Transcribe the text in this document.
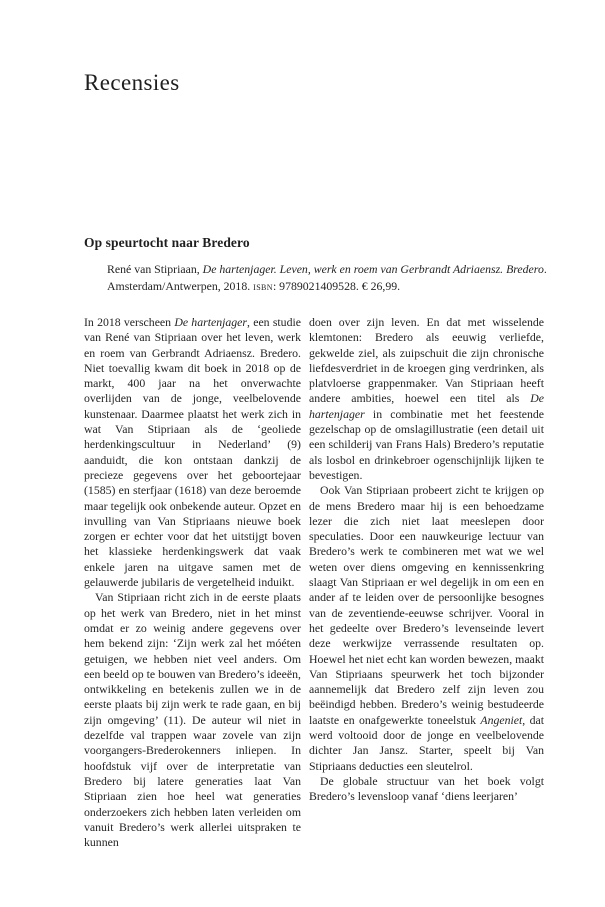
Recensies
Op speurtocht naar Bredero

René van Stipriaan, De hartenjager. Leven, werk en roem van Gerbrandt Adriaensz. Bredero. Amsterdam/Antwerpen, 2018. isbn: 9789021409528. € 26,99.

In 2018 verscheen De hartenjager, een studie van René van Stipriaan over het leven, werk en roem van Gerbrandt Adriaensz. Bredero. Niet toevallig kwam dit boek in 2018 op de markt, 400 jaar na het onverwachte overlijden van de jonge, veelbelovende kunstenaar. Daarmee plaatst het werk zich in wat Van Stipriaan als de ‘geoliede herdenkingscultuur in Nederland’ (9) aanduidt, die kon ontstaan dankzij de precieze gegevens over het geboortejaar (1585) en sterfjaar (1618) van deze beroemde maar tegelijk ook onbekende auteur. Opzet en invulling van Van Stipriaans nieuwe boek zorgen er echter voor dat het uitstijgt boven het klassieke herdenkingswerk dat vaak enkele jaren na uitgave samen met de gelauwerde jubilaris de vergetelheid induikt.

Van Stipriaan richt zich in de eerste plaats op het werk van Bredero, niet in het minst omdat er zo weinig andere gegevens over hem bekend zijn: ‘Zijn werk zal het móéten getuigen, we hebben niet veel anders. Om een beeld op te bouwen van Bredero’s ideeën, ontwikkeling en betekenis zullen we in de eerste plaats bij zijn werk te rade gaan, en bij zijn omgeving’ (11). De auteur wil niet in dezelfde val trappen waar zovele van zijn voorgangers-Brederokenners inliepen. In hoofdstuk vijf over de interpretatie van Bredero bij latere generaties laat Van Stipriaan zien hoe heel wat generaties onderzoekers zich hebben laten verleiden om vanuit Bredero’s werk allerlei uitspraken te kunnen

doen over zijn leven. En dat met wisselende klemtonen: Bredero als eeuwig verliefde, gekwelde ziel, als zuipschuit die zijn chronische liefdesverdriet in de kroegen ging verdrinken, als platvloerse grappenmaker. Van Stipriaan heeft andere ambities, hoewel een titel als De hartenjager in combinatie met het feestende gezelschap op de omslagillustratie (een detail uit een schilderij van Frans Hals) Bredero’s reputatie als losbol en drinkebroer ogenschijnlijk lijken te bevestigen.

Ook Van Stipriaan probeert zicht te krijgen op de mens Bredero maar hij is een behoedzame lezer die zich niet laat meeslepen door speculaties. Door een nauwkeurige lectuur van Bredero’s werk te combineren met wat we wel weten over diens omgeving en kennissenkring slaagt Van Stipriaan er wel degelijk in om een en ander af te leiden over de persoonlijke besognes van de zeventiende-eeuwse schrijver. Vooral in het gedeelte over Bredero’s levenseinde levert deze werkwijze verrassende resultaten op. Hoewel het niet echt kan worden bewezen, maakt Van Stipriaans speurwerk het toch bijzonder aannemelijk dat Bredero zelf zijn leven zou beëindigd hebben. Bredero’s weinig bestudeerde laatste en onafgewerkte toneelstuk Angeniet, dat werd voltooid door de jonge en veelbelovende dichter Jan Jansz. Starter, speelt bij Van Stipriaans deducties een sleutelrol.

De globale structuur van het boek volgt Bredero’s levensloop vanaf ‘diens leerjaren’
